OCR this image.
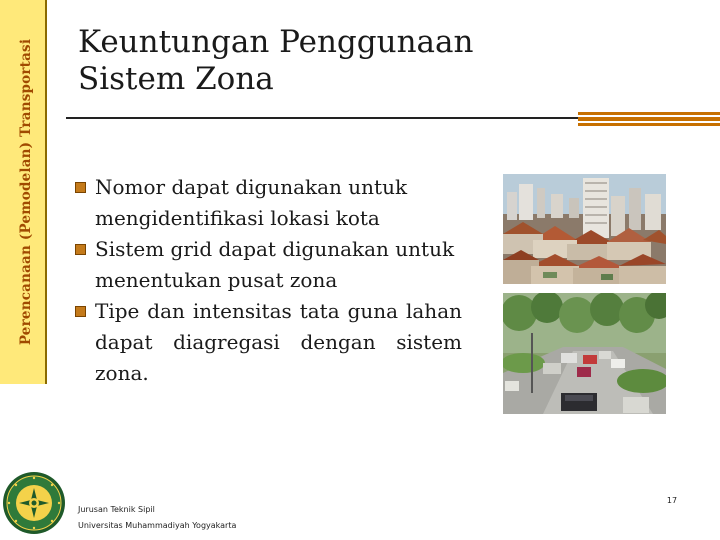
Perencanaan (Pemodelan) Transportasi Keuntungan Penggunaan
Sistem Zona
Nomor dapat digunakan untuk mengidentifikasi lokasi kota
Sistem grid dapat digunakan untuk menentukan pusat zona
Tipe dan intensitas tata guna lahan dapat diagregasi dengan sistem zona.
Jurusan Teknik Sipil
Universitas Muhammadiyah Yogyakarta
17
